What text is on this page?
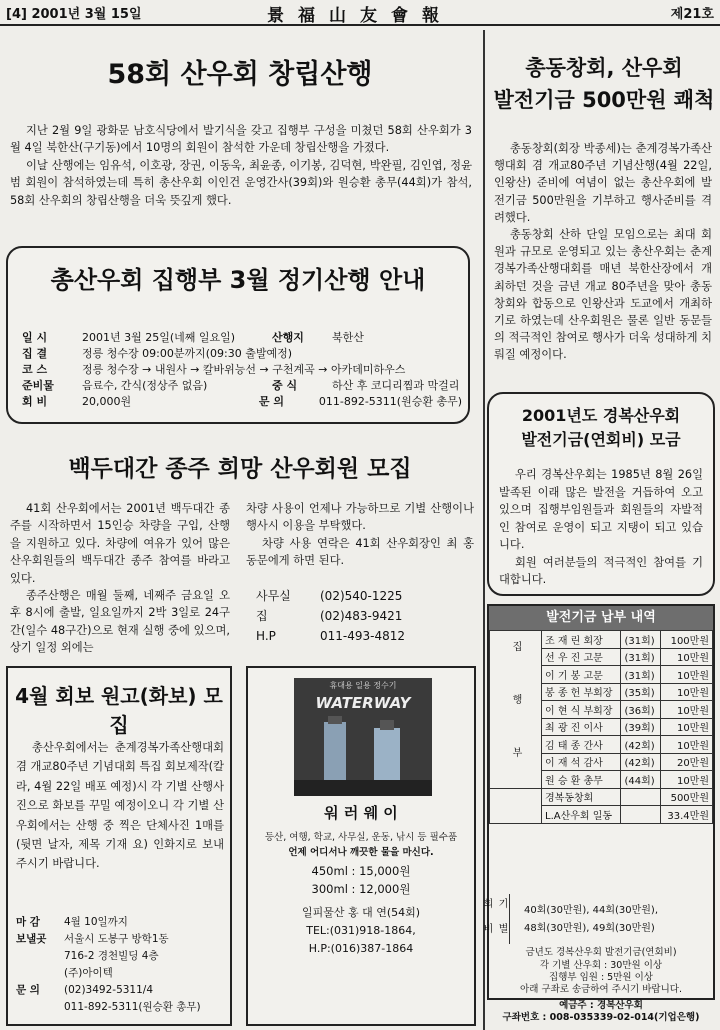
[4] 2001년 3월 15일	景福山友會報	제21호
58회 산우회 창립산행

지난 2월 9일 광화문 남호식당에서 발기식을 갖고 집행부 구성을 미쳤던 58회 산우회가 3월 4일 북한산(구기동)에서 10명의 회원이 참석한 가운데 창립산행을 가졌다.

이날 산행에는 임유석, 이호광, 장권, 이동욱, 최윤종, 이기봉, 김덕현, 박완필, 김인엽, 정윤범 회원이 참석하였는데 특히 총산우회 이인건 운영간사(39회)와 원승환 총무(44회)가 참석, 58회 산우회의 창립산행을 더욱 뜻깊게 했다.

총산우회 집행부 3월 정기산행 안내
일 시	2001년 3월 25일(네째 일요일)	산행지	북한산
집 결	정릉 청수장 09:00분까지(09:30 출발예정)
코 스	정릉 청수장 → 내원사 → 칼바위능선 → 구천계곡 → 아카데미하우스
준비물	음료수, 간식(정상주 없음)	중 식	하산 후 코디리찜과 막걸리
회 비	20,000원	문 의	011-892-5311(원승환 총무)
백두대간 종주 희망 산우회원 모집

41회 산우회에서는 2001년 백두대간 종주를 시작하면서 15인승 차량을 구입, 산행을 지원하고 있다. 차량에 여유가 있어 많은 산우회원들의 백두대간 종주 참여를 바라고 있다.

종주산행은 매월 둘째, 네째주 금요일 오후 8시에 출발, 일요일까지 2박 3일로 24구간(일수 48구간)으로 현재 실행 중에 있으며, 상기 일정 외에는

차량 사용이 언제나 가능하므로 기별 산행이나 행사시 이용을 부탁했다.

차량 사용 연락은 41회 산우회장인 최 홍 동문에게 하면 된다.

사무실	(02)540-1225
집	(02)483-9421
H.P	011-493-4812
4월 회보 원고(화보) 모집

총산우회에서는 춘계경복가족산행대회 겸 개교80주년 기념대회 특집 회보제작(칼라, 4월 22일 배포 예정)시 각 기별 산행사진으로 화보를 꾸밀 예정이오니 각 기별 산우회에서는 산행 중 찍은 단체사진 1매를(뒷면 날자, 제목 기재 요) 인화지로 보내주시기 바랍니다.

마 감	4월 10일까지
보낼곳	서울시 도봉구 방학1동
716-2 경천빌딩 4층
(주)아이텍
문 의	(02)3492-5311/4
011-892-5311(원승환 총무)
휴대용 일용 정수기
WATERWAY
워 러 웨 이
등산, 여행, 학교, 사무실, 운동, 낚시 등 필수품
언제 어디서나 깨끗한 물을 마신다.
450ml : 15,000원
300ml : 12,000원
일피물산 홍 대 연(54회)
TEL:(031)918-1864,
H.P:(016)387-1864
총동창회, 산우회
발전기금 500만원 쾌척

총동창회(회장 박종세)는 춘계경복가족산행대회 겸 개교80주년 기념산행(4월 22일, 인왕산) 준비에 여념이 없는 총산우회에 발전기금 500만원을 기부하고 행사준비를 격려했다.

총동창회 산하 단일 모임으로는 최대 회원과 규모로 운영되고 있는 총산우회는 춘계경복가족산행대회를 매년 북한산장에서 개최하던 것을 금년 개교 80주년을 맞아 총동창회와 합동으로 인왕산과 도교에서 개최하기로 하였는데 산우회원은 물론 일반 동문들의 적극적인 참여로 행사가 더욱 성대하게 치뤄질 예정이다.

2001년도 경복산우회
발전기금(연회비) 모금

우리 경복산우회는 1985년 8월 26일 발족된 이래 많은 발전을 거듭하여 오고 있으며 집행부임원들과 회원들의 자발적인 참여로 운영이 되고 지탱이 되고 있습니다.

회원 여러분들의 적극적인 참여를 기대합니다.

발전기금 납부 내역
집 행 부	조 재 린 회장	(31회)	100만원
	선 우 진 고문	(31회)	10만원
	이 기 봉 고문	(31회)	10만원
	봉 종 헌 부회장	(35회)	10만원
	이 현 식 부회장	(36회)	10만원
	최 광 진 이사	(39회)	10만원
	김 태 종 간사	(42회)	10만원
	이 재 석 감사	(42회)	20만원
	원 승 환 총무	(44회)	10만원
	경복동창회		500만원
	L.A산우회 일동		33.4만원
기 별 회 비	40회(30만원), 44회(30만원),
48회(30만원), 49회(30만원)
금년도 경복산우회 발전기금(연회비)
각 기별 산우회 : 30만원 이상
집행부 임원 : 5만원 이상
아래 구좌로 송금하여 주시기 바랍니다.
예금주 : 경복산우회
구좌번호 : 008-035339-02-014(기업은행)
